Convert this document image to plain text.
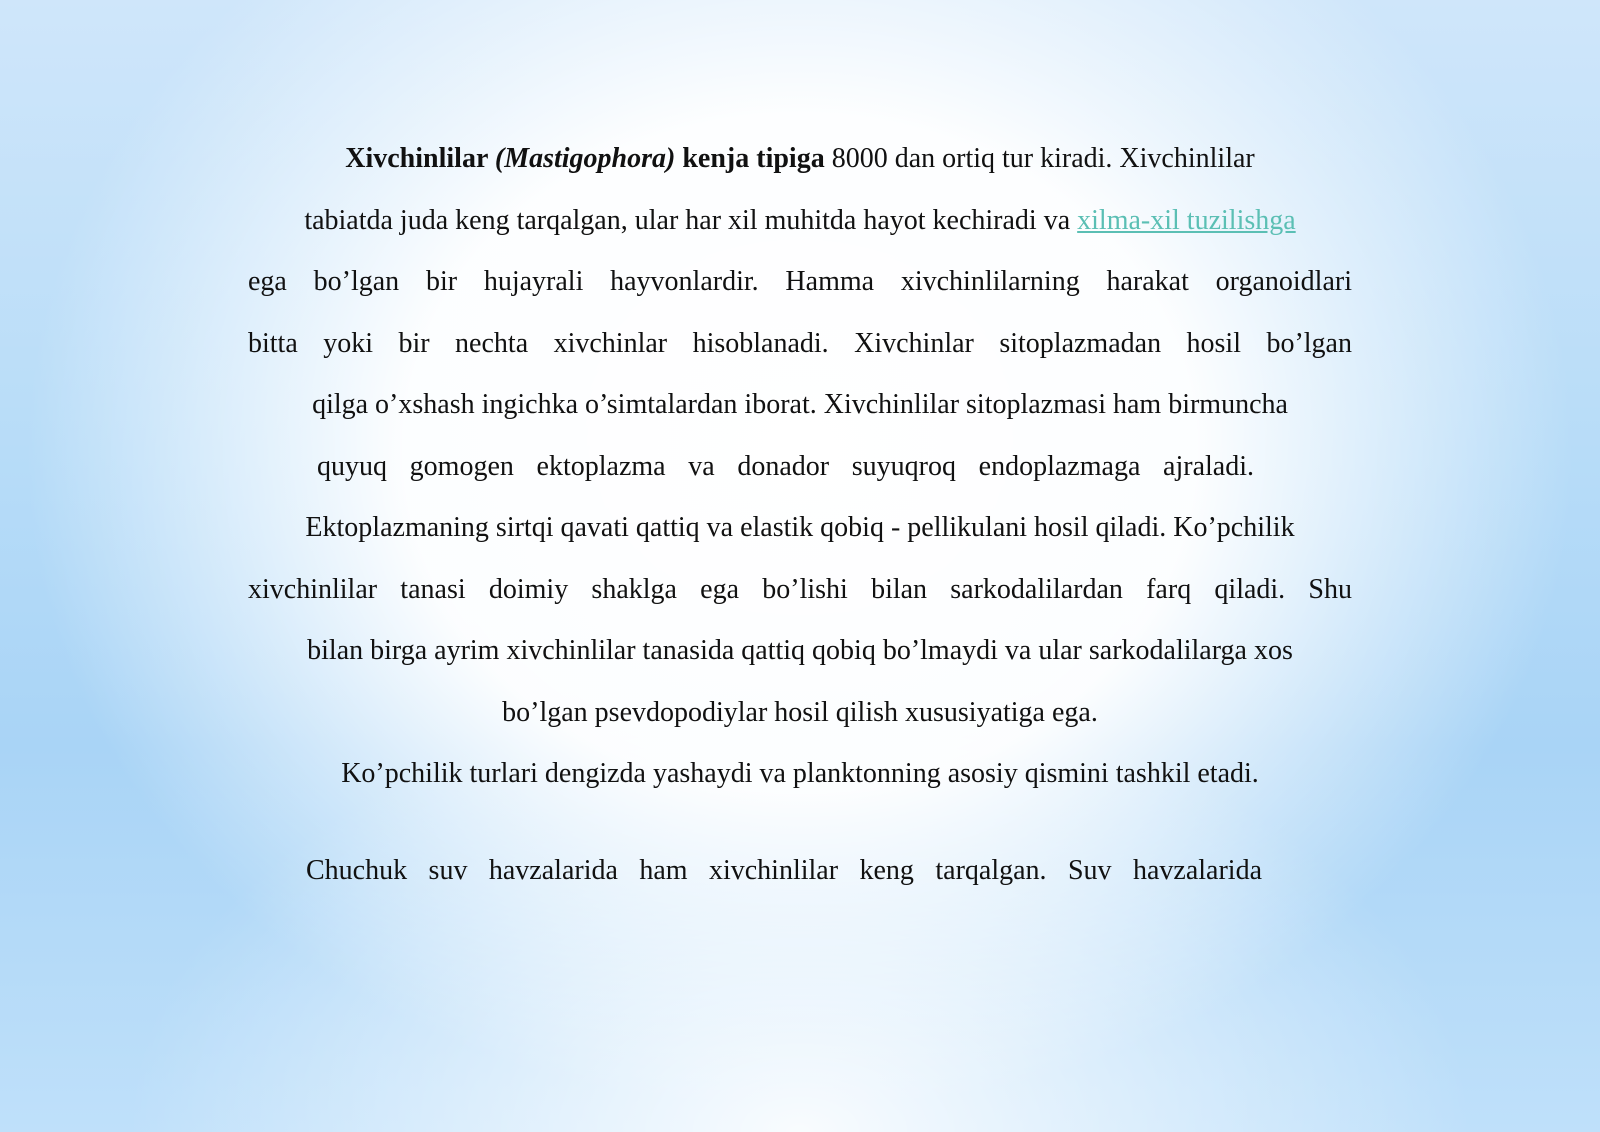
Xivchinlilar (Mastigophora) kenja tipiga 8000 dan ortiq tur kiradi. Xivchinlilar
tabiatda juda keng tarqalgan, ular har xil muhitda hayot kechiradi va xilma-xil tuzilishga
ega bo’lgan bir hujayrali hayvonlardir. Hamma xivchinlilarning harakat organoidlari
bitta yoki bir nechta xivchinlar hisoblanadi. Xivchinlar sitoplazmadan hosil bo’lgan
qilga o’xshash ingichka o’simtalardan iborat. Xivchinlilar sitoplazmasi ham birmuncha
quyuq gomogen ektoplazma va donador suyuqroq endoplazmaga ajraladi.
Ektoplazmaning sirtqi qavati qattiq va elastik qobiq - pellikulani hosil qiladi. Ko’pchilik
xivchinlilar tanasi doimiy shaklga ega bo’lishi bilan sarkodalilardan farq qiladi. Shu
bilan birga ayrim xivchinlilar tanasida qattiq qobiq bo’lmaydi va ular sarkodalilarga xos
bo’lgan psevdopodiylar hosil qilish xususiyatiga ega.
Ko’pchilik turlari dengizda yashaydi va planktonning asosiy qismini tashkil etadi.
Chuchuk suv havzalarida ham xivchinlilar keng tarqalgan. Suv havzalarida
